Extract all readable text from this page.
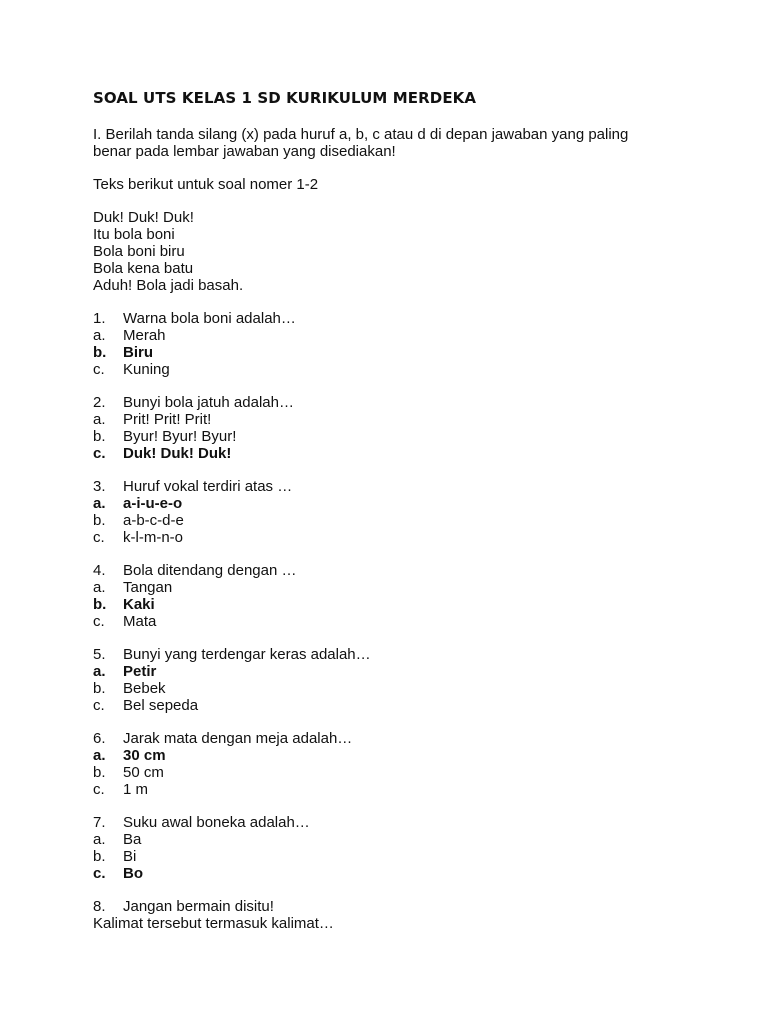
SOAL UTS KELAS 1 SD KURIKULUM MERDEKA

I. Berilah tanda silang (x) pada huruf a, b, c atau d di depan jawaban yang paling benar pada lembar jawaban yang disediakan!

Teks berikut untuk soal nomer 1-2

Duk! Duk! Duk!
Itu bola boni
Bola boni biru
Bola kena batu
Aduh! Bola jadi basah.
1.	Warna bola boni adalah…
a.	Merah
b.	Biru
c.	Kuning
2.	Bunyi bola jatuh adalah…
a.	Prit! Prit! Prit!
b.	Byur! Byur! Byur!
c.	Duk! Duk! Duk!
3.	Huruf vokal terdiri atas …
a.	a-i-u-e-o
b.	a-b-c-d-e
c.	k-l-m-n-o
4.	Bola ditendang dengan …
a.	Tangan
b.	Kaki
c.	Mata
5.	Bunyi yang terdengar keras adalah…
a.	Petir
b.	Bebek
c.	Bel sepeda
6.	Jarak mata dengan meja adalah…
a.	30 cm
b.	50 cm
c.	1 m
7.	Suku awal boneka adalah…
a.	Ba
b.	Bi
c.	Bo
8.	Jangan bermain disitu!
Kalimat tersebut termasuk kalimat…
